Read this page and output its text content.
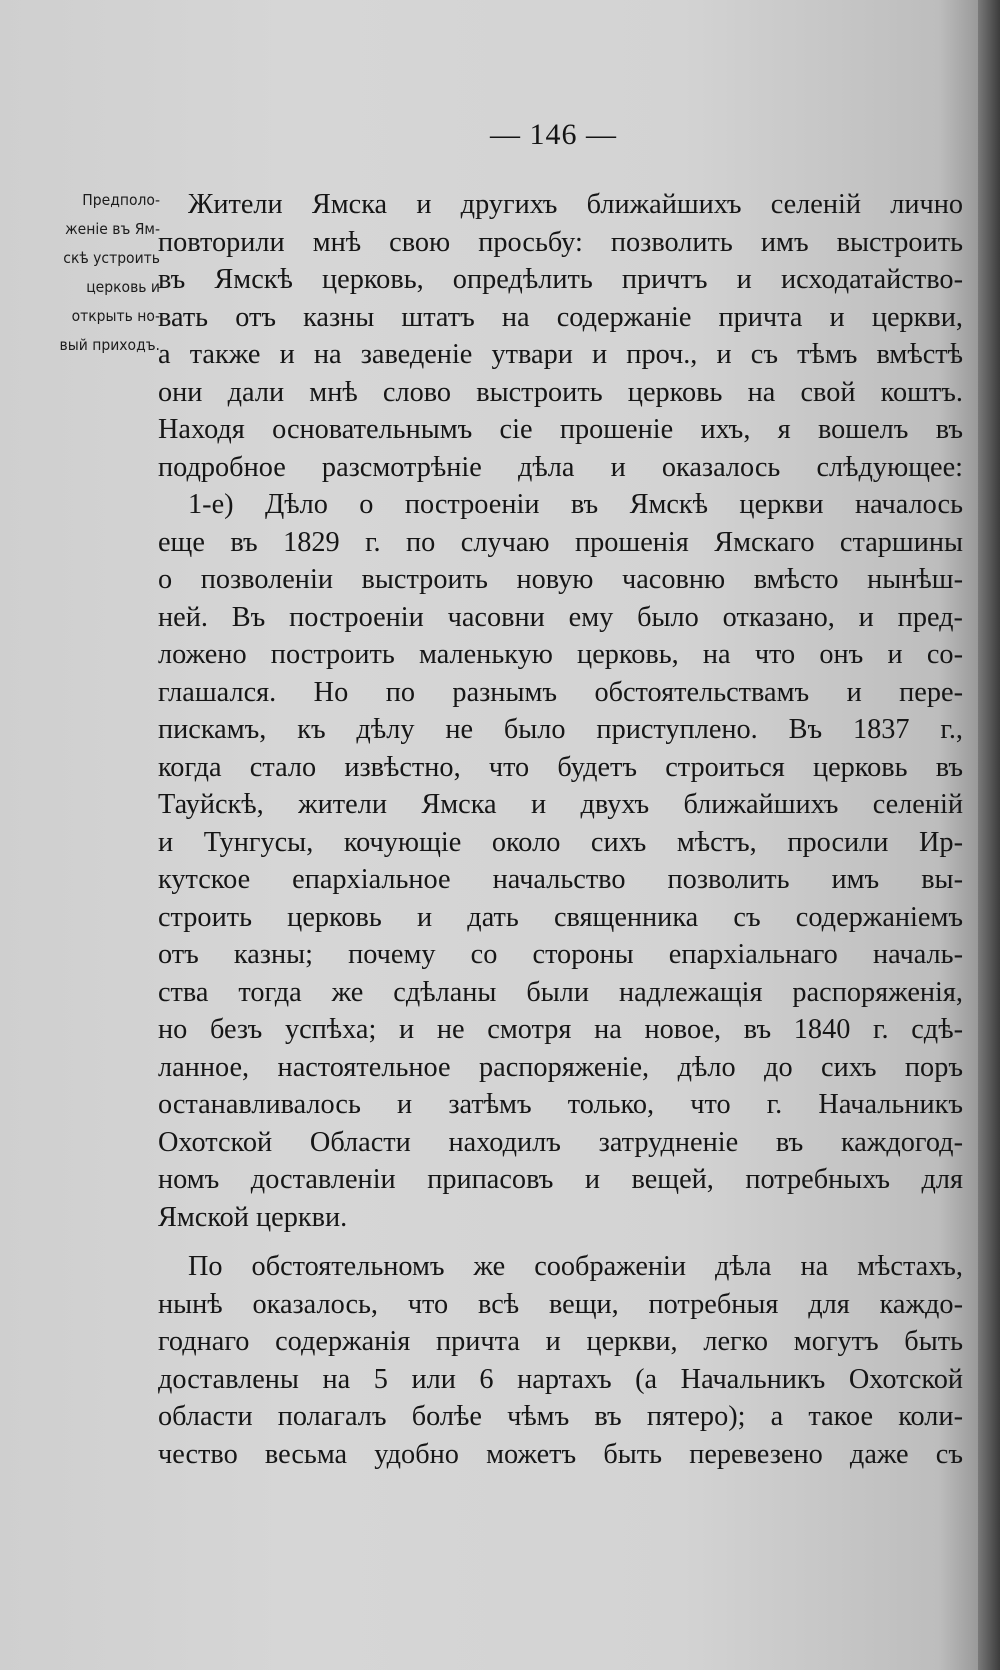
— 146 —

Предполо-
женіе въ Ям-
скѣ устроить
церковь и
открыть но-
вый приходъ.

Жители Ямска и другихъ ближайшихъ селеній лично
повторили мнѣ свою просьбу: позволить имъ выстроить
въ Ямскѣ церковь, опредѣлить причтъ и исходатайство-
вать отъ казны штатъ на содержаніе причта и церкви,
а также и на заведеніе утвари и проч., и съ тѣмъ вмѣстѣ
они дали мнѣ слово выстроить церковь на свой коштъ.
Находя основательнымъ сіе прошеніе ихъ, я вошелъ въ
подробное разсмотрѣніе дѣла и оказалось слѣдующее:
1-е) Дѣло о построеніи въ Ямскѣ церкви началось
еще въ 1829 г. по случаю прошенія Ямскаго старшины
о позволеніи выстроить новую часовню вмѣсто нынѣш-
ней. Въ построеніи часовни ему было отказано, и пред-
ложено построить маленькую церковь, на что онъ и со-
глашался. Но по разнымъ обстоятельствамъ и пере-
пискамъ, къ дѣлу не было приступлено. Въ 1837 г.,
когда стало извѣстно, что будетъ строиться церковь въ
Тауйскѣ, жители Ямска и двухъ ближайшихъ селеній
и Тунгусы, кочующіе около сихъ мѣстъ, просили Ир-
кутское епархіальное начальство позволить имъ вы-
строить церковь и дать священника съ содержаніемъ
отъ казны; почему со стороны епархіальнаго началь-
ства тогда же сдѣланы были надлежащія распоряженія,
но безъ успѣха; и не смотря на новое, въ 1840 г. сдѣ-
ланное, настоятельное распоряженіе, дѣло до сихъ поръ
останавливалось и затѣмъ только, что г. Начальникъ
Охотской Области находилъ затрудненіе въ каждогод-
номъ доставленіи припасовъ и вещей, потребныхъ для
Ямской церкви.
По обстоятельномъ же соображеніи дѣла на мѣстахъ,
нынѣ оказалось, что всѣ вещи, потребныя для каждо-
годнаго содержанія причта и церкви, легко могутъ быть
доставлены на 5 или 6 нартахъ (а Начальникъ Охотской
области полагалъ болѣе чѣмъ въ пятеро); а такое коли-
чество весьма удобно можетъ быть перевезено даже съ
